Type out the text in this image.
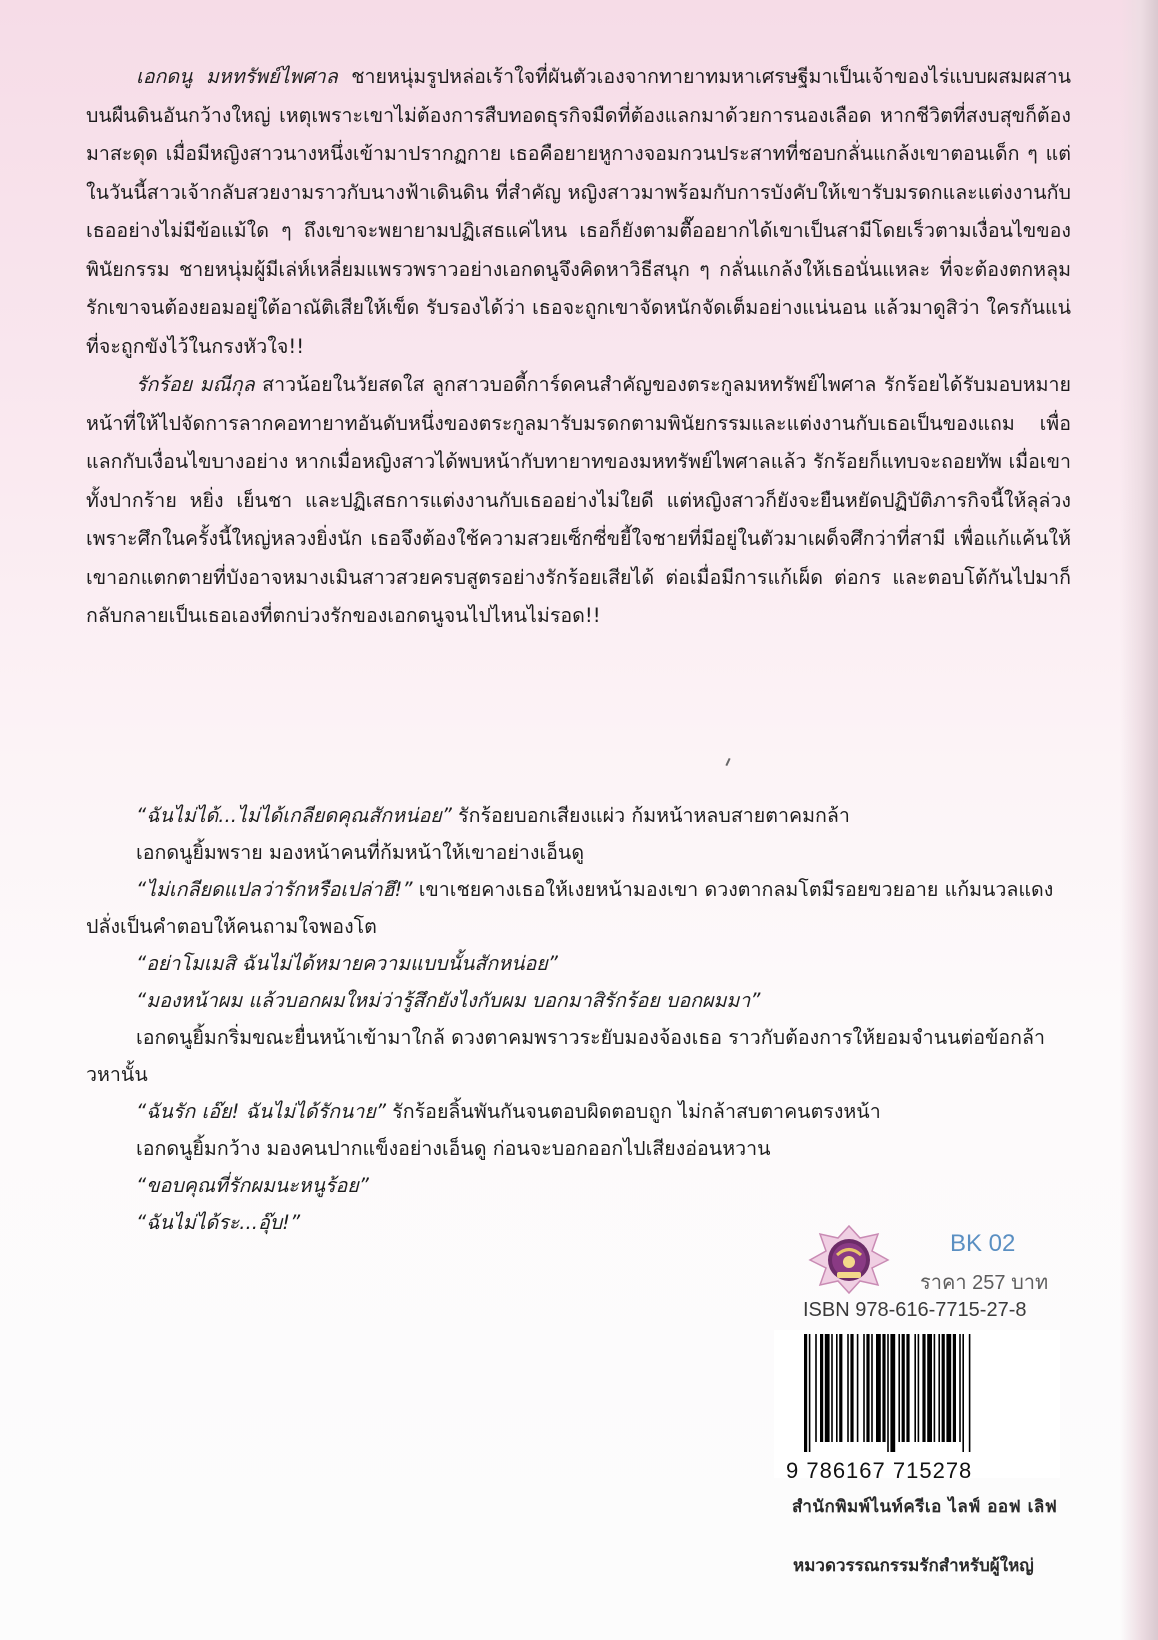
เอกดนู มหทรัพย์ไพศาล ชายหนุ่มรูปหล่อเร้าใจที่ผันตัวเองจากทายาทมหาเศรษฐีมาเป็นเจ้าของไร่แบบผสมผสานบนผืนดินอันกว้างใหญ่ เหตุเพราะเขาไม่ต้องการสืบทอดธุรกิจมืดที่ต้องแลกมาด้วยการนองเลือด หากชีวิตที่สงบสุขก็ต้องมาสะดุด เมื่อมีหญิงสาวนางหนึ่งเข้ามาปรากฏกาย เธอคือยายหูกางจอมกวนประสาทที่ชอบกลั่นแกล้งเขาตอนเด็ก ๆ แต่ในวันนี้สาวเจ้ากลับสวยงามราวกับนางฟ้าเดินดิน ที่สำคัญ หญิงสาวมาพร้อมกับการบังคับให้เขารับมรดกและแต่งงานกับเธออย่างไม่มีข้อแม้ใด ๆ ถึงเขาจะพยายามปฏิเสธแค่ไหน เธอก็ยังตามตื๊ออยากได้เขาเป็นสามีโดยเร็วตามเงื่อนไขของพินัยกรรม ชายหนุ่มผู้มีเล่ห์เหลี่ยมแพรวพราวอย่างเอกดนูจึงคิดหาวิธีสนุก ๆ กลั่นแกล้งให้เธอนั่นแหละ ที่จะต้องตกหลุมรักเขาจนต้องยอมอยู่ใต้อาณัติเสียให้เข็ด รับรองได้ว่า เธอจะถูกเขาจัดหนักจัดเต็มอย่างแน่นอน แล้วมาดูสิว่า ใครกันแน่ที่จะถูกขังไว้ในกรงหัวใจ!!

รักร้อย มณีกุล สาวน้อยในวัยสดใส ลูกสาวบอดี้การ์ดคนสำคัญของตระกูลมหทรัพย์ไพศาล รักร้อยได้รับมอบหมายหน้าที่ให้ไปจัดการลากคอทายาทอันดับหนึ่งของตระกูลมารับมรดกตามพินัยกรรมและแต่งงานกับเธอเป็นของแถม เพื่อแลกกับเงื่อนไขบางอย่าง หากเมื่อหญิงสาวได้พบหน้ากับทายาทของมหทรัพย์ไพศาลแล้ว รักร้อยก็แทบจะถอยทัพ เมื่อเขาทั้งปากร้าย หยิ่ง เย็นชา และปฏิเสธการแต่งงานกับเธออย่างไม่ใยดี แต่หญิงสาวก็ยังจะยืนหยัดปฏิบัติภารกิจนี้ให้ลุล่วง เพราะศึกในครั้งนี้ใหญ่หลวงยิ่งนัก เธอจึงต้องใช้ความสวยเซ็กซี่ขยี้ใจชายที่มีอยู่ในตัวมาเผด็จศึกว่าที่สามี เพื่อแก้แค้นให้เขาอกแตกตายที่บังอาจหมางเมินสาวสวยครบสูตรอย่างรักร้อยเสียได้ ต่อเมื่อมีการแก้เผ็ด ต่อกร และตอบโต้กันไปมาก็กลับกลายเป็นเธอเองที่ตกบ่วงรักของเอกดนูจนไปไหนไม่รอด!!

“ฉันไม่ได้...ไม่ได้เกลียดคุณสักหน่อย” รักร้อยบอกเสียงแผ่ว ก้มหน้าหลบสายตาคมกล้า

เอกดนูยิ้มพราย มองหน้าคนที่ก้มหน้าให้เขาอย่างเอ็นดู

“ไม่เกลียดแปลว่ารักหรือเปล่าฮึ!” เขาเชยคางเธอให้เงยหน้ามองเขา ดวงตากลมโตมีรอยขวยอาย แก้มนวลแดงปลั่งเป็นคำตอบให้คนถามใจพองโต

“อย่าโมเมสิ ฉันไม่ได้หมายความแบบนั้นสักหน่อย”

“มองหน้าผม แล้วบอกผมใหม่ว่ารู้สึกยังไงกับผม บอกมาสิรักร้อย บอกผมมา”

เอกดนูยิ้มกริ่มขณะยื่นหน้าเข้ามาใกล้ ดวงตาคมพราวระยับมองจ้องเธอ ราวกับต้องการให้ยอมจำนนต่อข้อกล้าวหานั้น

“ฉันรัก เอ๊ย! ฉันไม่ได้รักนาย” รักร้อยลิ้นพันกันจนตอบผิดตอบถูก ไม่กล้าสบตาคนตรงหน้า

เอกดนูยิ้มกว้าง มองคนปากแข็งอย่างเอ็นดู ก่อนจะบอกออกไปเสียงอ่อนหวาน

“ขอบคุณที่รักผมนะหนูร้อย”

“ฉันไม่ได้ระ...อุ๊บ!”

BK 02
ราคา 257 บาท
ISBN 978-616-7715-27-8
9 786167 715278
สำนักพิมพ์ไนท์ครีเอ ไลฟ์ ออฟ เลิฟ
หมวดวรรณกรรมรักสำหรับผู้ใหญ่
